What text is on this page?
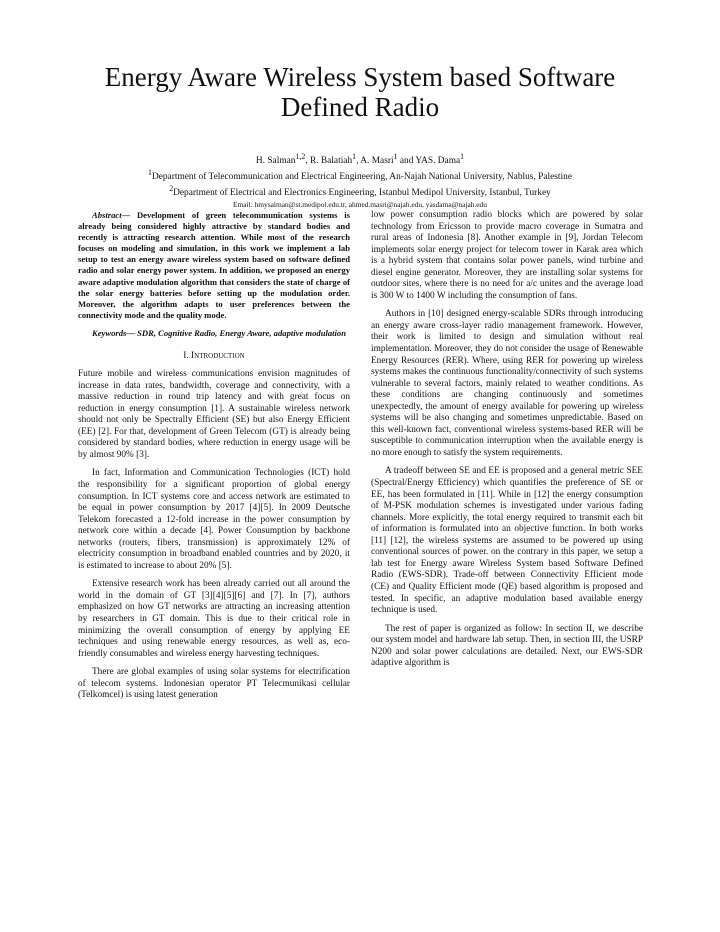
Energy Aware Wireless System based Software
Defined Radio
H. Salman$^{1,2}$, R. Balatiah$^1$, A. Masri$^1$ and YAS. Dama$^1$
$^1$Department of Telecommunication and Electrical Engineering, An-Najah National University, Nablus, Palestine
$^2$Department of Electrical and Electronics Engineering, Istanbul Medipol University, Istanbul, Turkey
Email: hmysalman@st.medipol.edu.tr, ahmed.masri@najah.edu, yasdama@najah.edu

Abstract— Development of green telecommunication systems is already being considered highly attractive by standard bodies and recently is attracting research attention. While most of the research focuses on modeling and simulation, in this work we implement a lab setup to test an energy aware wireless system based on software defined radio and solar energy power system. In addition, we proposed an energy aware adaptive modulation algorithm that considers the state of charge of the solar energy batteries before setting up the modulation order. Moreover, the algorithm adapts to user preferences between the connectivity mode and the quality mode.

Keywords— SDR, Cognitive Radio, Energy Aware, adaptive modulation

I. Introduction

Future mobile and wireless communications envision magnitudes of increase in data rates, bandwidth, coverage and connectivity, with a massive reduction in round trip latency and with great focus on reduction in energy consumption [1]. A sustainable wireless network should not only be Spectrally Efficient (SE) but also Energy Efficient (EE) [2]. For that, development of Green Telecom (GT) is already being considered by standard bodies, where reduction in energy usage will be by almost 90% [3].

In fact, Information and Communication Technologies (ICT) hold the responsibility for a significant proportion of global energy consumption. In ICT systems core and access network are estimated to be equal in power consumption by 2017 [4][5]. In 2009 Deutsche Telekom forecasted a 12-fold increase in the power consumption by network core within a decade [4]. Power Consumption by backbone networks (routers, fibers, transmission) is approximately 12% of electricity consumption in broadband enabled countries and by 2020, it is estimated to increase to about 20% [5].

Extensive research work has been already carried out all around the world in the domain of GT [3][4][5][6] and [7]. In [7], authors emphasized on how GT networks are attracting an increasing attention by researchers in GT domain. This is due to their critical role in minimizing the overall consumption of energy by applying EE techniques and using renewable energy resources, as well as, eco-friendly consumables and wireless energy harvesting techniques.

There are global examples of using solar systems for electrification of telecom systems. Indonesian operator PT Telecmunikasi cellular (Telkomcel) is using latest generation

low power consumption radio blocks which are powered by solar technology from Ericsson to provide macro coverage in Sumatra and rural areas of Indonesia [8]. Another example in [9], Jordan Telecom implements solar energy project for telecom tower in Karak area which is a hybrid system that contains solar power panels, wind turbine and diesel engine generator. Moreover, they are installing solar systems for outdoor sites, where there is no need for a/c unites and the average load is 300 W to 1400 W including the consumption of fans.

Authors in [10] designed energy-scalable SDRs through introducing an energy aware cross-layer radio management framework. However, their work is limited to design and simulation without real implementation. Moreover, they do not consider the usage of Renewable Energy Resources (RER). Where, using RER for powering up wireless systems makes the continuous functionality/connectivity of such systems vulnerable to several factors, mainly related to weather conditions. As these conditions are changing continuously and sometimes unexpectedly, the amount of energy available for powering up wireless systems will be also changing and sometimes unpredictable. Based on this well-known fact, conventional wireless systems-based RER will be susceptible to communication interruption when the available energy is no more enough to satisfy the system requirements.

A tradeoff between SE and EE is proposed and a general metric SEE (Spectral/Energy Efficiency) which quantifies the preference of SE or EE, has been formulated in [11]. While in [12] the energy consumption of M-PSK modulation schemes is investigated under various fading channels. More explicitly, the total energy required to transmit each bit of information is formulated into an objective function. In both works [11] [12], the wireless systems are assumed to be powered up using conventional sources of power. on the contrary in this paper, we setup a lab test for Energy aware Wireless System based Software Defined Radio (EWS-SDR). Trade-off between Connectivity Efficient mode (CE) and Quality Efficient mode (QE) based algorithm is proposed and tested. In specific, an adaptive modulation based available energy technique is used.

The rest of paper is organized as follow: In section II, we describe our system model and hardware lab setup. Then, in section III, the USRP N200 and solar power calculations are detailed. Next, our EWS-SDR adaptive algorithm is
